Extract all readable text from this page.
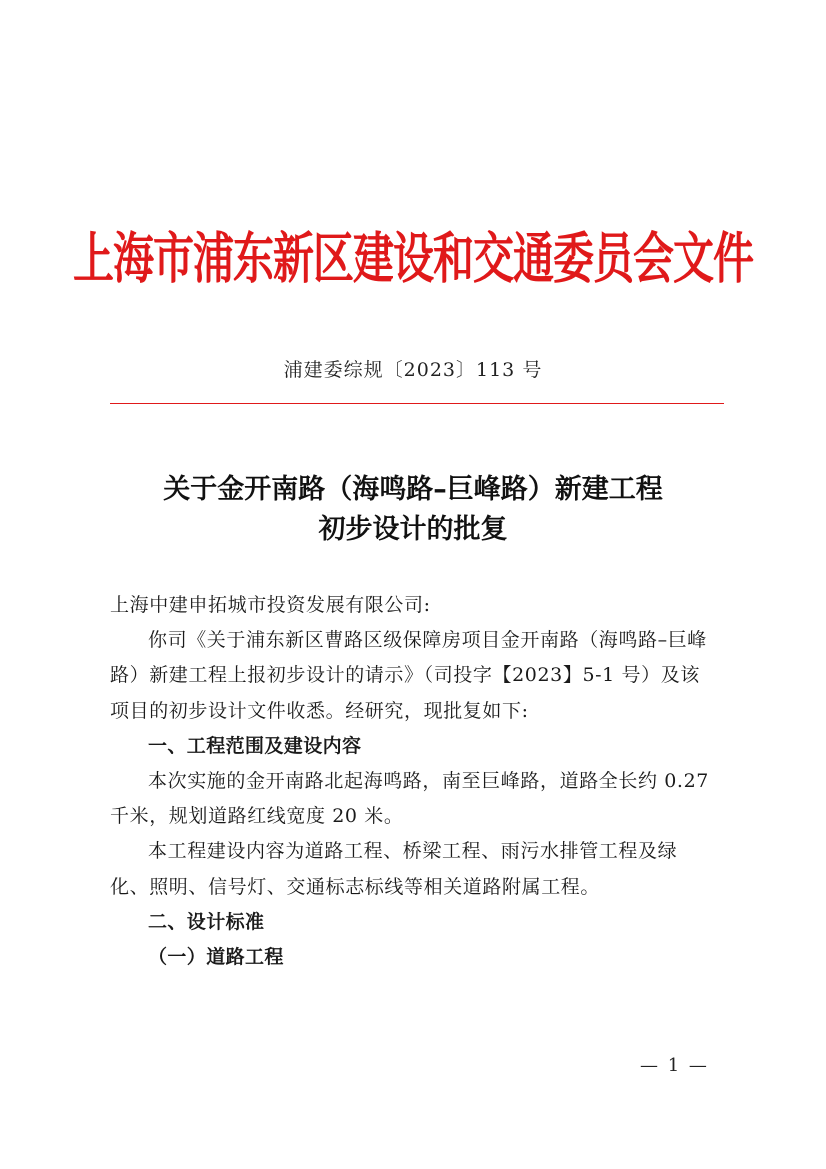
上海市浦东新区建设和交通委员会文件
浦建委综规〔2023〕113 号
关于金开南路（海鸣路–巨峰路）新建工程
初步设计的批复

上海中建申拓城市投资发展有限公司:

你司《关于浦东新区曹路区级保障房项目金开南路（海鸣路–巨峰路）新建工程上报初步设计的请示》（司投字【2023】5-1 号）及该项目的初步设计文件收悉。经研究，现批复如下:

一、工程范围及建设内容

本次实施的金开南路北起海鸣路，南至巨峰路，道路全长约 0.27 千米，规划道路红线宽度 20 米。

本工程建设内容为道路工程、桥梁工程、雨污水排管工程及绿化、照明、信号灯、交通标志标线等相关道路附属工程。

二、设计标准

（一）道路工程

— 1 —
